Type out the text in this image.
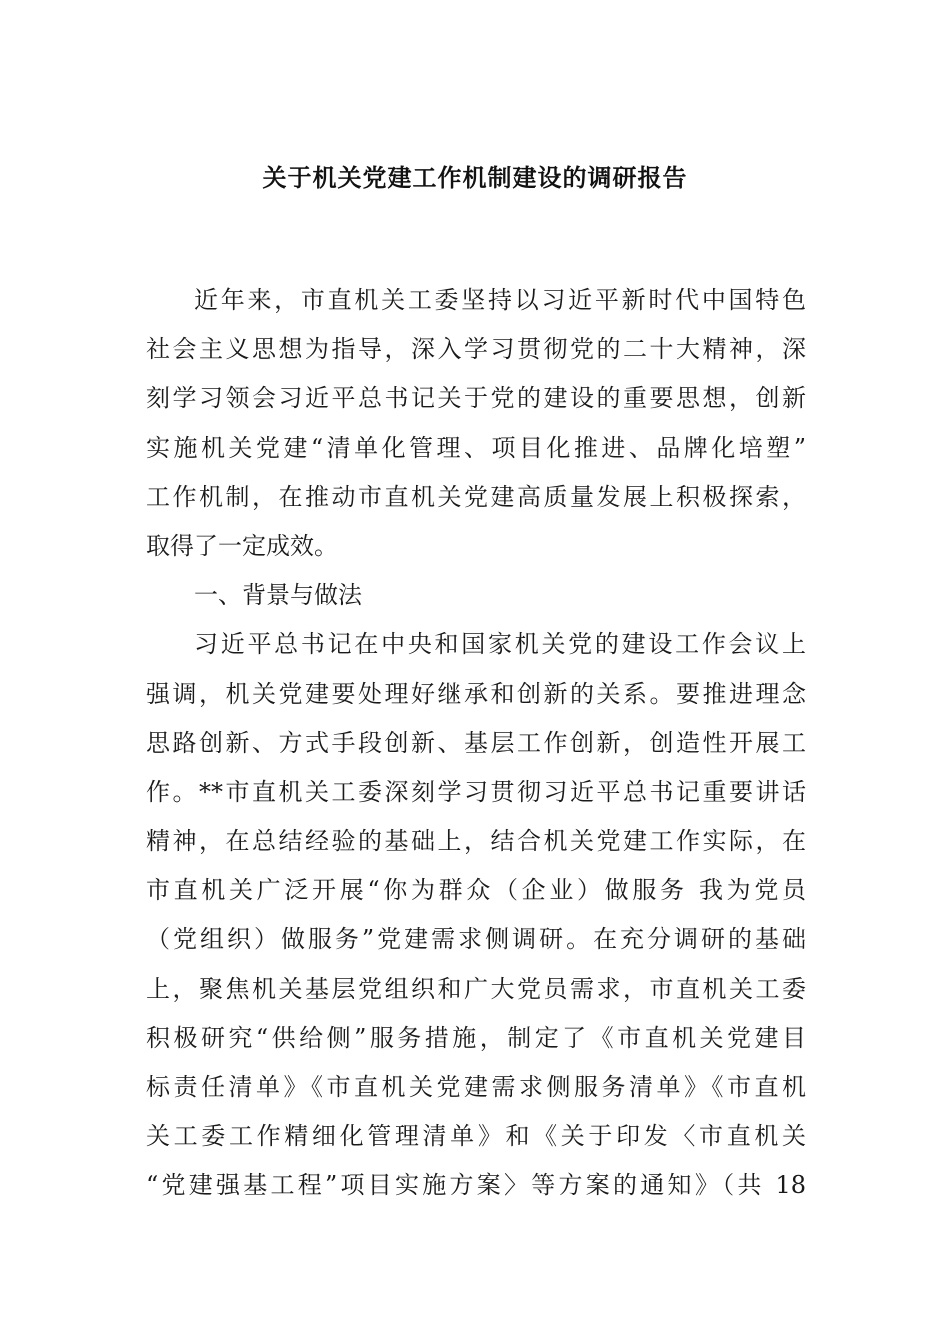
关于机关党建工作机制建设的调研报告
近年来，市直机关工委坚持以习近平新时代中国特色
社会主义思想为指导，深入学习贯彻党的二十大精神，深
刻学习领会习近平总书记关于党的建设的重要思想，创新
实施机关党建“清单化管理、项目化推进、品牌化培塑”
工作机制，在推动市直机关党建高质量发展上积极探索，
取得了一定成效。
一、背景与做法
习近平总书记在中央和国家机关党的建设工作会议上
强调，机关党建要处理好继承和创新的关系。要推进理念
思路创新、方式手段创新、基层工作创新，创造性开展工
作。**市直机关工委深刻学习贯彻习近平总书记重要讲话
精神，在总结经验的基础上，结合机关党建工作实际，在
市直机关广泛开展“你为群众（企业）做服务 我为党员
（党组织）做服务”党建需求侧调研。在充分调研的基础
上，聚焦机关基层党组织和广大党员需求，市直机关工委
积极研究“供给侧”服务措施，制定了《市直机关党建目
标责任清单》《市直机关党建需求侧服务清单》《市直机
关工委工作精细化管理清单》和《关于印发〈市直机关
“党建强基工程”项目实施方案〉等方案的通知》（共 18
